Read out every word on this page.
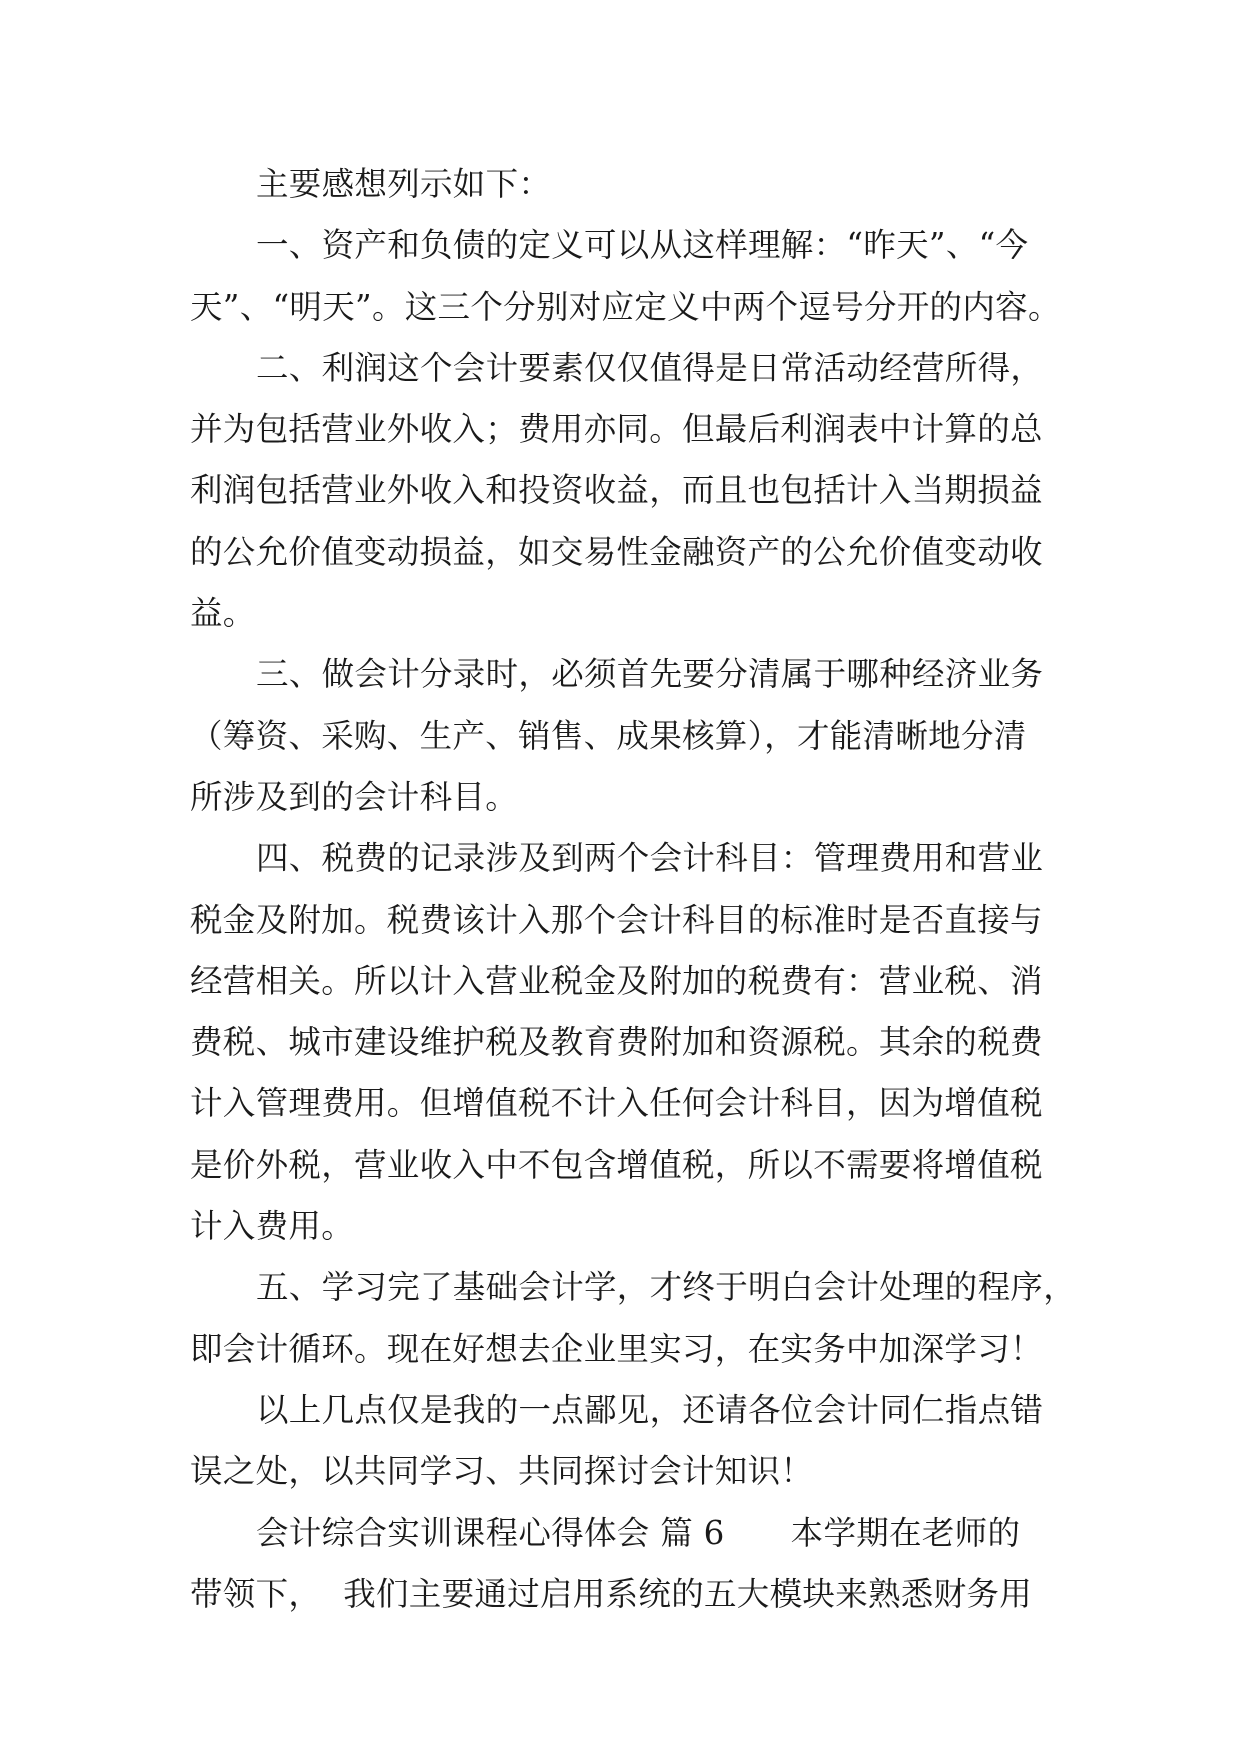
主要感想列示如下：
一、资产和负债的定义可以从这样理解：“昨天”、“今
天”、“明天”。这三个分别对应定义中两个逗号分开的内容。
二、利润这个会计要素仅仅值得是日常活动经营所得，
并为包括营业外收入；费用亦同。但最后利润表中计算的总
利润包括营业外收入和投资收益，而且也包括计入当期损益
的公允价值变动损益，如交易性金融资产的公允价值变动收
益。
三、做会计分录时，必须首先要分清属于哪种经济业务
（筹资、采购、生产、销售、成果核算），才能清晰地分清
所涉及到的会计科目。
四、税费的记录涉及到两个会计科目：管理费用和营业
税金及附加。税费该计入那个会计科目的标准时是否直接与
经营相关。所以计入营业税金及附加的税费有：营业税、消
费税、城市建设维护税及教育费附加和资源税。其余的税费
计入管理费用。但增值税不计入任何会计科目，因为增值税
是价外税，营业收入中不包含增值税，所以不需要将增值税
计入费用。
五、学习完了基础会计学，才终于明白会计处理的程序，
即会计循环。现在好想去企业里实习，在实务中加深学习！
以上几点仅是我的一点鄙见，还请各位会计同仁指点错
误之处，以共同学习、共同探讨会计知识！
会计综合实训课程心得体会 篇 6 本学期在老师的
带领下， 我们主要通过启用系统的五大模块来熟悉财务用
